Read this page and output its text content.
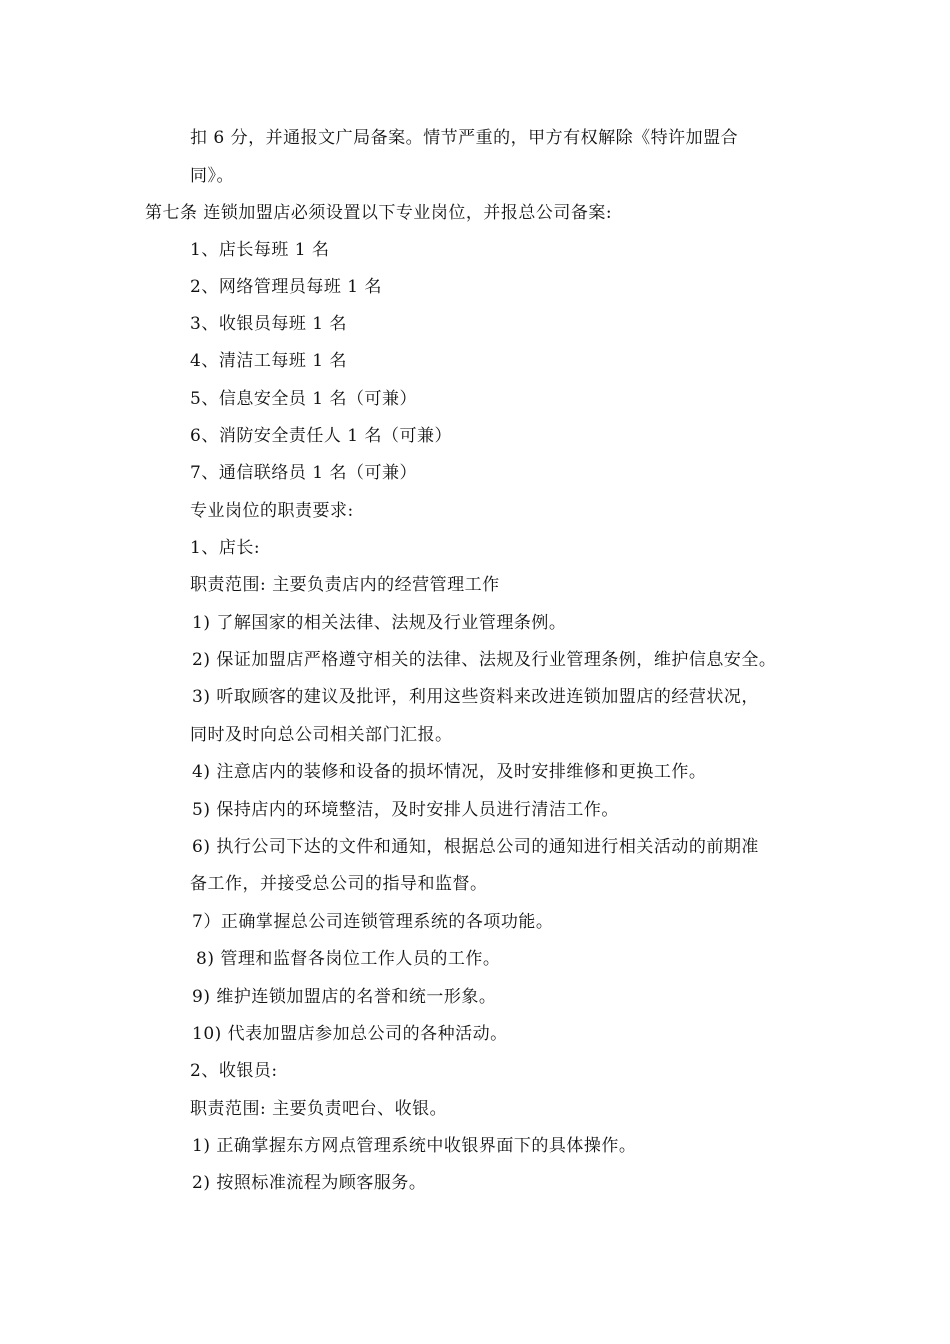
扣 6 分，并通报文广局备案。情节严重的，甲方有权解除《特许加盟合
同》。
第七条 连锁加盟店必须设置以下专业岗位，并报总公司备案:
1、店长每班 1 名
2、网络管理员每班 1 名
3、收银员每班 1 名
4、清洁工每班 1 名
5、信息安全员 1 名（可兼）
6、消防安全责任人 1 名（可兼）
7、通信联络员 1 名（可兼）
专业岗位的职责要求:
1、店长:
职责范围: 主要负责店内的经营管理工作
1) 了解国家的相关法律、法规及行业管理条例。
2) 保证加盟店严格遵守相关的法律、法规及行业管理条例，维护信息安全。
3) 听取顾客的建议及批评，利用这些资料来改进连锁加盟店的经营状况，
同时及时向总公司相关部门汇报。
4) 注意店内的装修和设备的损坏情况，及时安排维修和更换工作。
5) 保持店内的环境整洁，及时安排人员进行清洁工作。
6) 执行公司下达的文件和通知，根据总公司的通知进行相关活动的前期准
备工作，并接受总公司的指导和监督。
7）正确掌握总公司连锁管理系统的各项功能。
8) 管理和监督各岗位工作人员的工作。
9) 维护连锁加盟店的名誉和统一形象。
10) 代表加盟店参加总公司的各种活动。
2、收银员:
职责范围: 主要负责吧台、收银。
1) 正确掌握东方网点管理系统中收银界面下的具体操作。
2) 按照标准流程为顾客服务。
